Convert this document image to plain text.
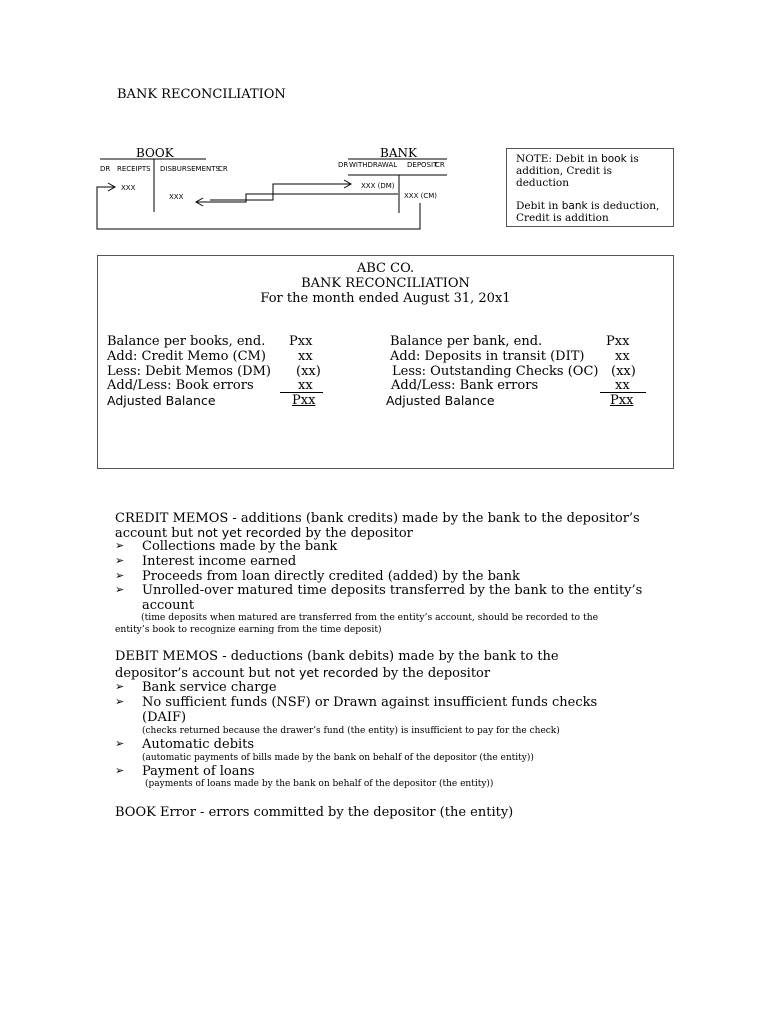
BANK RECONCILIATION
BOOK	BANK
DR RECEIPTS DISBURSEMENTS
CR	DR WITHDRAWAL DEPOSIT
CR
XXX
XXX
XXX (DM)
XXX (CM)
NOTE: Debit in book is addition, Credit is deduction
Debit in bank is deduction, Credit is addition
ABC CO.
BANK RECONCILIATION
For the month ended August 31, 20x1
Balance per books, end. Pxx
Add: Credit Memo (CM) xx
Less: Debit Memos (DM) (xx)
Add/Less: Book errors	xx
Adjusted Balance	Pxx
Balance per bank, end.	Pxx
Add: Deposits in transit (DIT) xx
Less: Outstanding Checks (OC) (xx)
Add/Less: Bank errors	xx
Adjusted Balance	Pxx
CREDIT MEMOS - additions (bank credits) made by the bank to the depositor’s
account but not yet recorded by the depositor
➢ Collections made by the bank
➢ Interest income earned
➢ Proceeds from loan directly credited (added) by the bank
➢ Unrolled-over matured time deposits transferred by the bank to the entity’s
account
(time deposits when matured are transferred from the entity’s account, should be recorded to the
entity’s book to recognize earning from the time deposit)
DEBIT MEMOS - deductions (bank debits) made by the bank to the
depositor’s account but not yet recorded by the depositor
➢ Bank service charge
➢ No sufficient funds (NSF) or Drawn against insufficient funds checks
(DAIF)
(checks returned because the drawer’s fund (the entity) is insufficient to pay for the check)
➢ Automatic debits
(automatic payments of bills made by the bank on behalf of the depositor (the entity))
➢ Payment of loans
(payments of loans made by the bank on behalf of the depositor (the entity))
BOOK Error - errors committed by the depositor (the entity)
